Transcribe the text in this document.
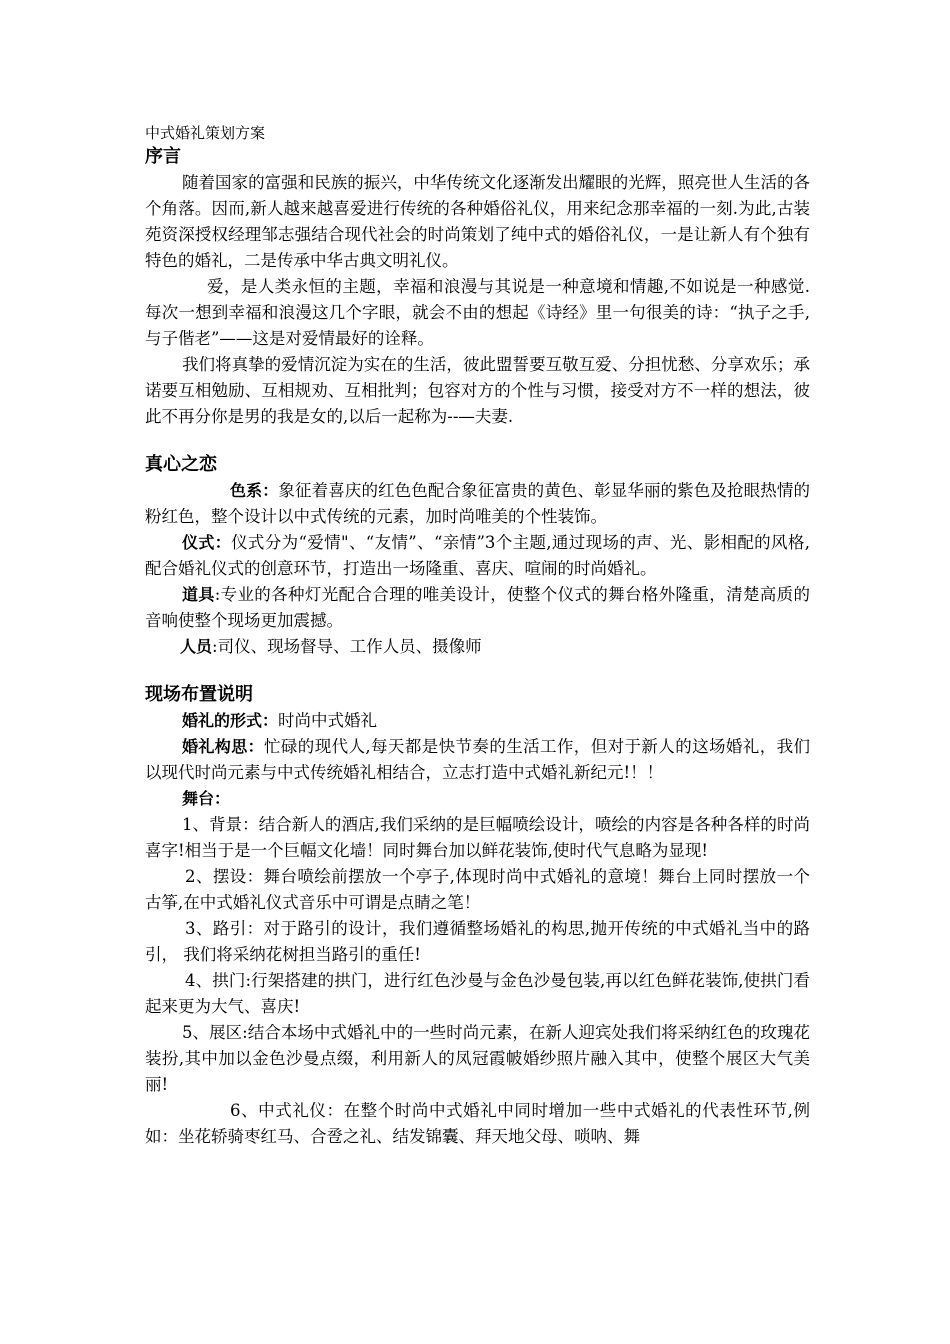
中式婚礼策划方案

序言

随着国家的富强和民族的振兴，中华传统文化逐渐发出耀眼的光辉，照亮世人生活的各个角落。因而,新人越来越喜爱进行传统的各种婚俗礼仪，用来纪念那幸福的一刻.为此,古装苑资深授权经理邹志强结合现代社会的时尚策划了纯中式的婚俗礼仪，一是让新人有个独有特色的婚礼，二是传承中华古典文明礼仪。

爱，是人类永恒的主题，幸福和浪漫与其说是一种意境和情趣,不如说是一种感觉.每次一想到幸福和浪漫这几个字眼，就会不由的想起《诗经》里一句很美的诗：“执子之手,与子偕老”——这是对爱情最好的诠释。

我们将真挚的爱情沉淀为实在的生活，彼此盟誓要互敬互爱、分担忧愁、分享欢乐；承诺要互相勉励、互相规劝、互相批判；包容对方的个性与习惯，接受对方不一样的想法，彼此不再分你是男的我是女的,以后一起称为--—夫妻.

真心之恋

色系：象征着喜庆的红色色配合象征富贵的黄色、彰显华丽的紫色及抢眼热情的粉红色，整个设计以中式传统的元素，加时尚唯美的个性装饰。

仪式：仪式分为“爱情"、“友情”、“亲情”3个主题,通过现场的声、光、影相配的风格,配合婚礼仪式的创意环节，打造出一场隆重、喜庆、喧闹的时尚婚礼。

道具:专业的各种灯光配合合理的唯美设计，使整个仪式的舞台格外隆重，清楚高质的音响使整个现场更加震撼。

人员:司仪、现场督导、工作人员、摄像师

现场布置说明

婚礼的形式：时尚中式婚礼

婚礼构思：忙碌的现代人,每天都是快节奏的生活工作，但对于新人的这场婚礼，我们以现代时尚元素与中式传统婚礼相结合，立志打造中式婚礼新纪元!！！

舞台：

1、背景：结合新人的酒店,我们采纳的是巨幅喷绘设计，喷绘的内容是各种各样的时尚喜字!相当于是一个巨幅文化墙！同时舞台加以鲜花装饰,使时代气息略为显现!

2、摆设：舞台喷绘前摆放一个亭子,体现时尚中式婚礼的意境！舞台上同时摆放一个古筝,在中式婚礼仪式音乐中可谓是点睛之笔！

3、路引：对于路引的设计，我们遵循整场婚礼的构思,抛开传统的中式婚礼当中的路引， 我们将采纳花树担当路引的重任!

4、拱门:行架搭建的拱门，进行红色沙曼与金色沙曼包装,再以红色鲜花装饰,使拱门看起来更为大气、喜庆!

5、展区:结合本场中式婚礼中的一些时尚元素，在新人迎宾处我们将采纳红色的玫瑰花装扮,其中加以金色沙曼点缀，利用新人的凤冠霞帔婚纱照片融入其中，使整个展区大气美丽!

6、中式礼仪：在整个时尚中式婚礼中同时增加一些中式婚礼的代表性环节,例如：坐花轿骑枣红马、合卺之礼、结发锦囊、拜天地父母、唢呐、舞
